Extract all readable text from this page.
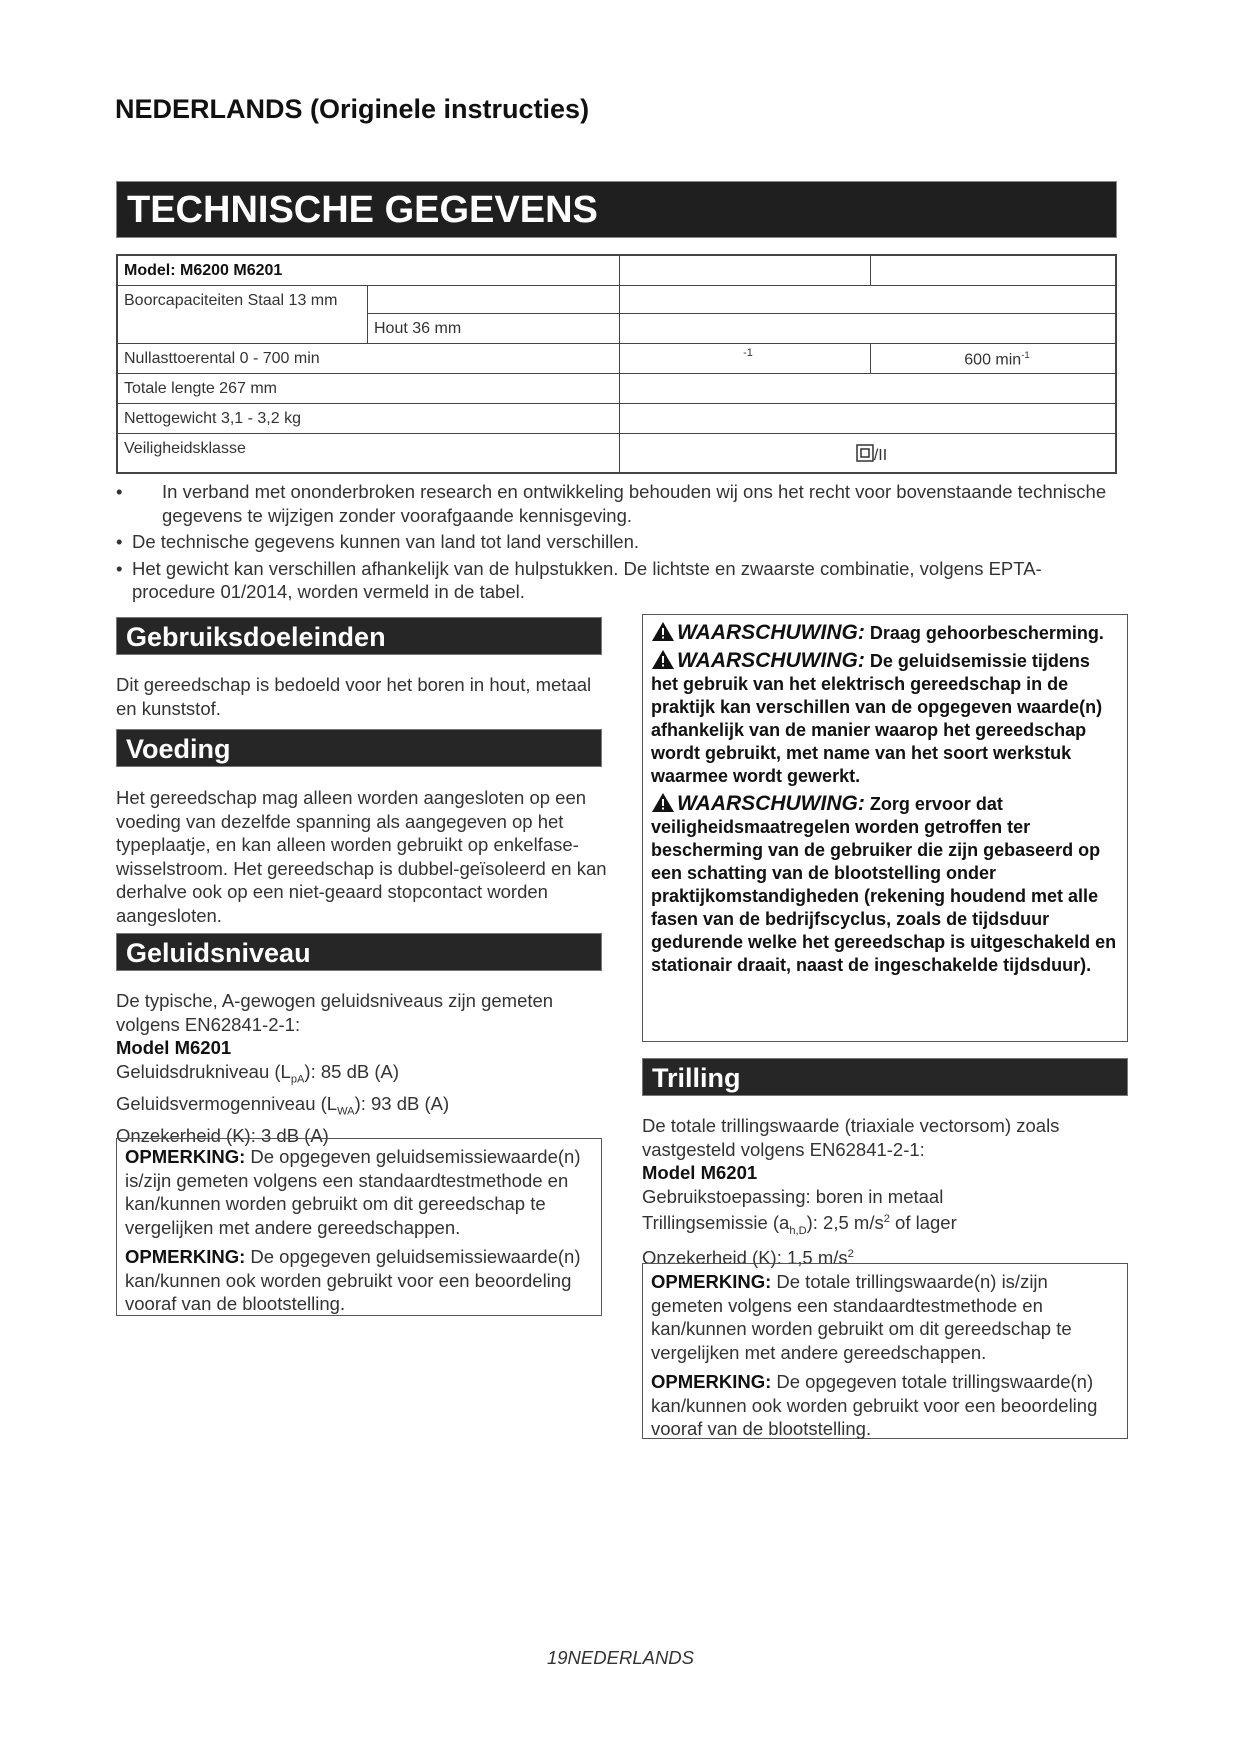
NEDERLANDS (Originele instructies)
TECHNISCHE GEGEVENS
Model: M6200 M6201
Boorcapaciteiten Staal 13 mm
Hout 36 mm
Nullasttoerental 0 - 700 min	-1	600 $\min^{-1}$
Totale lengte 267 mm
Nettogewicht 3,1 - 3,2 kg
Veiligheidsklasse	/II
• In verband met ononderbroken research en ontwikkeling behouden wij ons het recht voor bovenstaande technische gegevens te wijzigen zonder voorafgaande kennisgeving.
• De technische gegevens kunnen van land tot land verschillen.
• Het gewicht kan verschillen afhankelijk van de hulpstukken. De lichtste en zwaarste combinatie, volgens EPTA-procedure 01/2014, worden vermeld in de tabel.
Gebruiksdoeleinden
Dit gereedschap is bedoeld voor het boren in hout, metaal en kunststof.
Voeding
Het gereedschap mag alleen worden aangesloten op een voeding van dezelfde spanning als aangegeven op het typeplaatje, en kan alleen worden gebruikt op enkelfase-wisselstroom. Het gereedschap is dubbel-geïsoleerd en kan derhalve ook op een niet-geaard stopcontact worden aangesloten.
Geluidsniveau
De typische, A-gewogen geluidsniveaus zijn gemeten volgens EN62841-2-1:
Model M6201
Geluidsdrukniveau $(L_{pA})$: 85 dB (A)
Geluidsvermogenniveau $(L_{WA})$: 93 dB (A)
Onzekerheid (K): 3 dB (A)

OPMERKING: De opgegeven geluidsemissiewaarde(n) is/zijn gemeten volgens een standaardtestmethode en kan/kunnen worden gebruikt om dit gereedschap te vergelijken met andere gereedschappen.

OPMERKING: De opgegeven geluidsemissiewaarde(n) kan/kunnen ook worden gebruikt voor een beoordeling vooraf van de blootstelling.

WAARSCHUWING: Draag gehoorbescherming.

WAARSCHUWING: De geluidsemissie tijdens het gebruik van het elektrisch gereedschap in de praktijk kan verschillen van de opgegeven waarde(n) afhankelijk van de manier waarop het gereedschap wordt gebruikt, met name van het soort werkstuk waarmee wordt gewerkt.

WAARSCHUWING: Zorg ervoor dat veiligheidsmaatregelen worden getroffen ter bescherming van de gebruiker die zijn gebaseerd op een schatting van de blootstelling onder praktijkomstandigheden (rekening houdend met alle fasen van de bedrijfscyclus, zoals de tijdsduur gedurende welke het gereedschap is uitgeschakeld en stationair draait, naast de ingeschakelde tijdsduur).

Trilling
De totale trillingswaarde (triaxiale vectorsom) zoals vastgesteld volgens EN62841-2-1:
Model M6201
Gebruikstoepassing: boren in metaal
Trillingsemissie $(a_{h,D})$: 2,5 $m/s^2$ of lager
Onzekerheid (K): 1,5 $m/s^2$

OPMERKING: De totale trillingswaarde(n) is/zijn gemeten volgens een standaardtestmethode en kan/kunnen worden gebruikt om dit gereedschap te vergelijken met andere gereedschappen.

OPMERKING: De opgegeven totale trillingswaarde(n) kan/kunnen ook worden gebruikt voor een beoordeling vooraf van de blootstelling.

19NEDERLANDS
